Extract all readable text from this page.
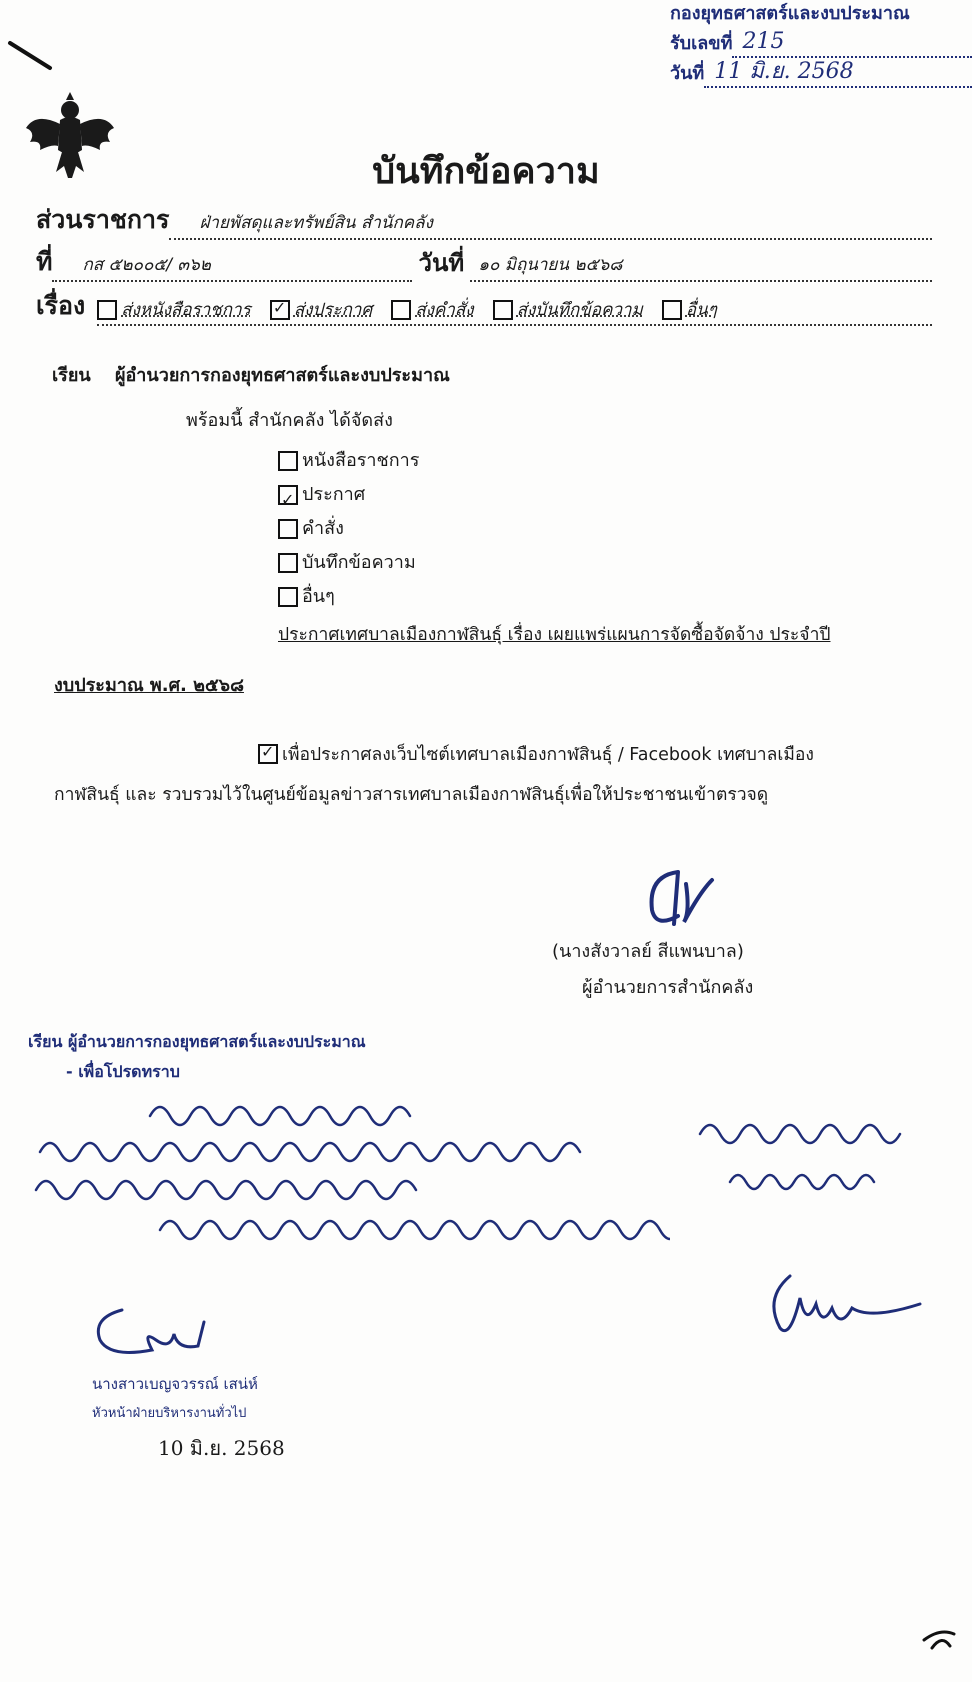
กองยุทธศาสตร์และงบประมาณ
รับเลขที่ 215
วันที่ 11 มิ.ย. 2568
บันทึกข้อความ
ส่วนราชการ	ฝ่ายพัสดุและทรัพย์สิน สำนักคลัง
ที่	กส ๕๒๐๐๕/ ๓๖๒	วันที่ ๑๐ มิถุนายน ๒๕๖๘
เรื่อง ส่งหนังสือราชการ

✓	ส่งประกาศ
	ส่งคำสั่ง
	ส่งบันทึกข้อความ
	อื่นๆ
เรียน ผู้อำนวยการกองยุทธศาสตร์และงบประมาณ
พร้อมนี้ สำนักคลัง ได้จัดส่ง
หนังสือราชการ
✓
ประกาศ
คำสั่ง
บันทึกข้อความ
อื่นๆ
ประกาศเทศบาลเมืองกาฬสินธุ์ เรื่อง เผยแพร่แผนการจัดซื้อจัดจ้าง ประจำปี
งบประมาณ พ.ศ. ๒๕๖๘
✓
เพื่อประกาศลงเว็บไซต์เทศบาลเมืองกาฬสินธุ์ / Facebook เทศบาลเมือง
กาฬสินธุ์ และ รวบรวมไว้ในศูนย์ข้อมูลข่าวสารเทศบาลเมืองกาฬสินธุ์เพื่อให้ประชาชนเข้าตรวจดู
(นางสังวาลย์ สีแพนบาล)
ผู้อำนวยการสำนักคลัง
เรียน ผู้อำนวยการกองยุทธศาสตร์และงบประมาณ
- เพื่อโปรดทราบ
นางสาวเบญจวรรณ์ เสน่ห์
หัวหน้าฝ่ายบริหารงานทั่วไป
10 มิ.ย. 2568
